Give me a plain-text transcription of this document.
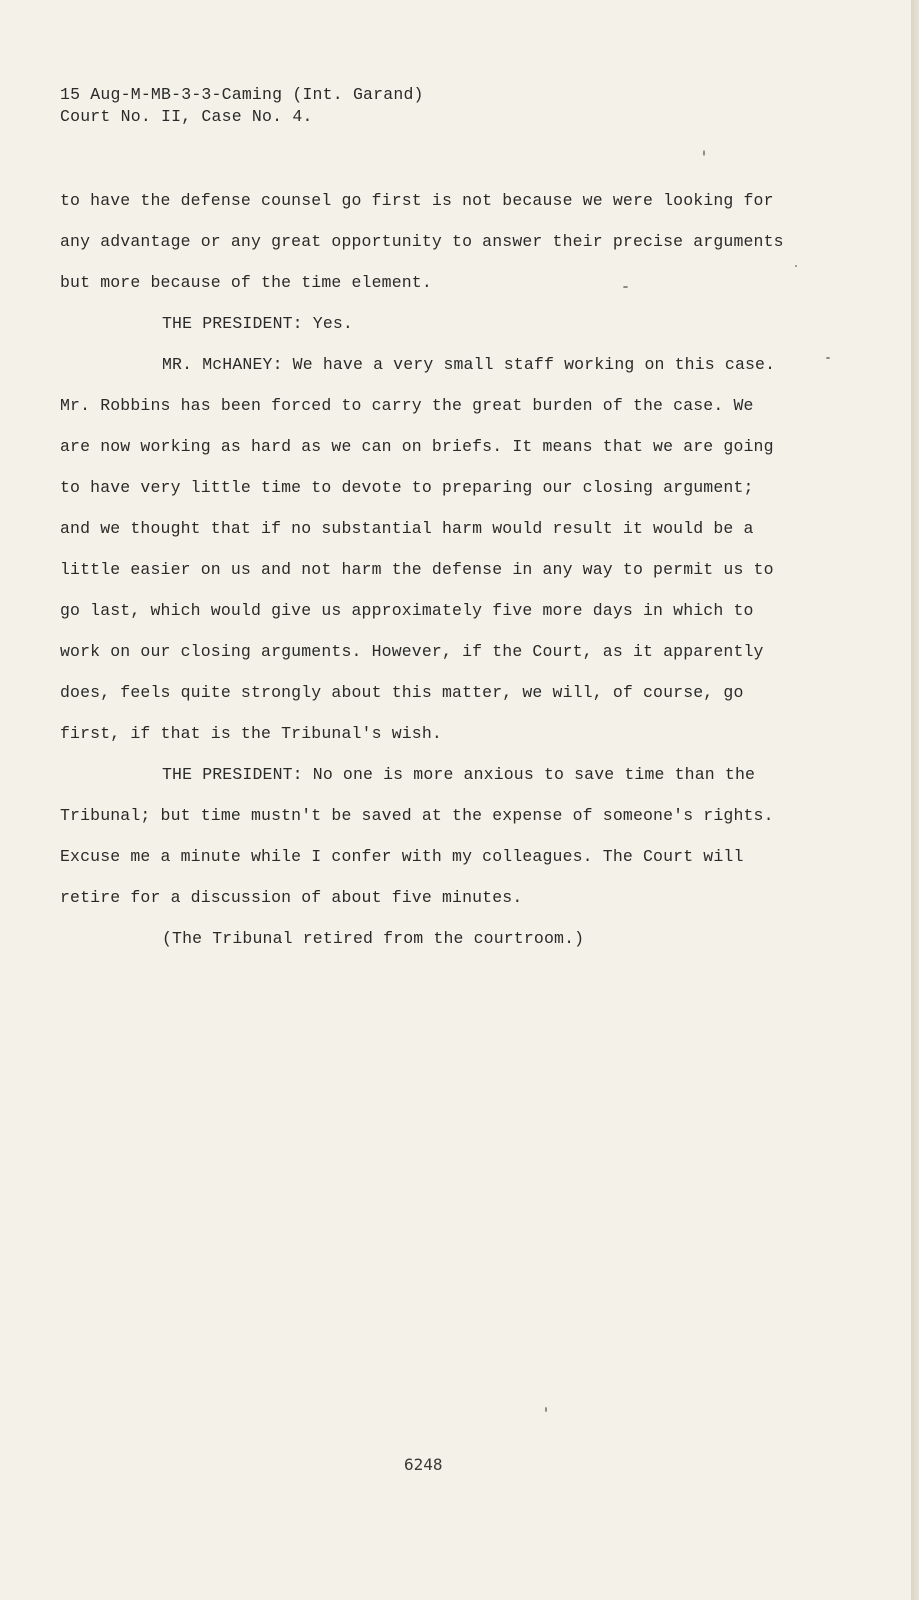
15 Aug-M-MB-3-3-Caming (Int. Garand)
Court No. II, Case No. 4.
to have the defense counsel go first is not because we were looking for
any advantage or any great opportunity to answer their precise arguments
but more because of the time element.
THE PRESIDENT: Yes.
MR. McHANEY: We have a very small staff working on this case.
Mr. Robbins has been forced to carry the great burden of the case. We
are now working as hard as we can on briefs. It means that we are going
to have very little time to devote to preparing our closing argument;
and we thought that if no substantial harm would result it would be a
little easier on us and not harm the defense in any way to permit us to
go last, which would give us approximately five more days in which to
work on our closing arguments. However, if the Court, as it apparently
does, feels quite strongly about this matter, we will, of course, go
first, if that is the Tribunal's wish.
THE PRESIDENT: No one is more anxious to save time than the
Tribunal; but time mustn't be saved at the expense of someone's rights.
Excuse me a minute while I confer with my colleagues. The Court will
retire for a discussion of about five minutes.
(The Tribunal retired from the courtroom.)
6248
